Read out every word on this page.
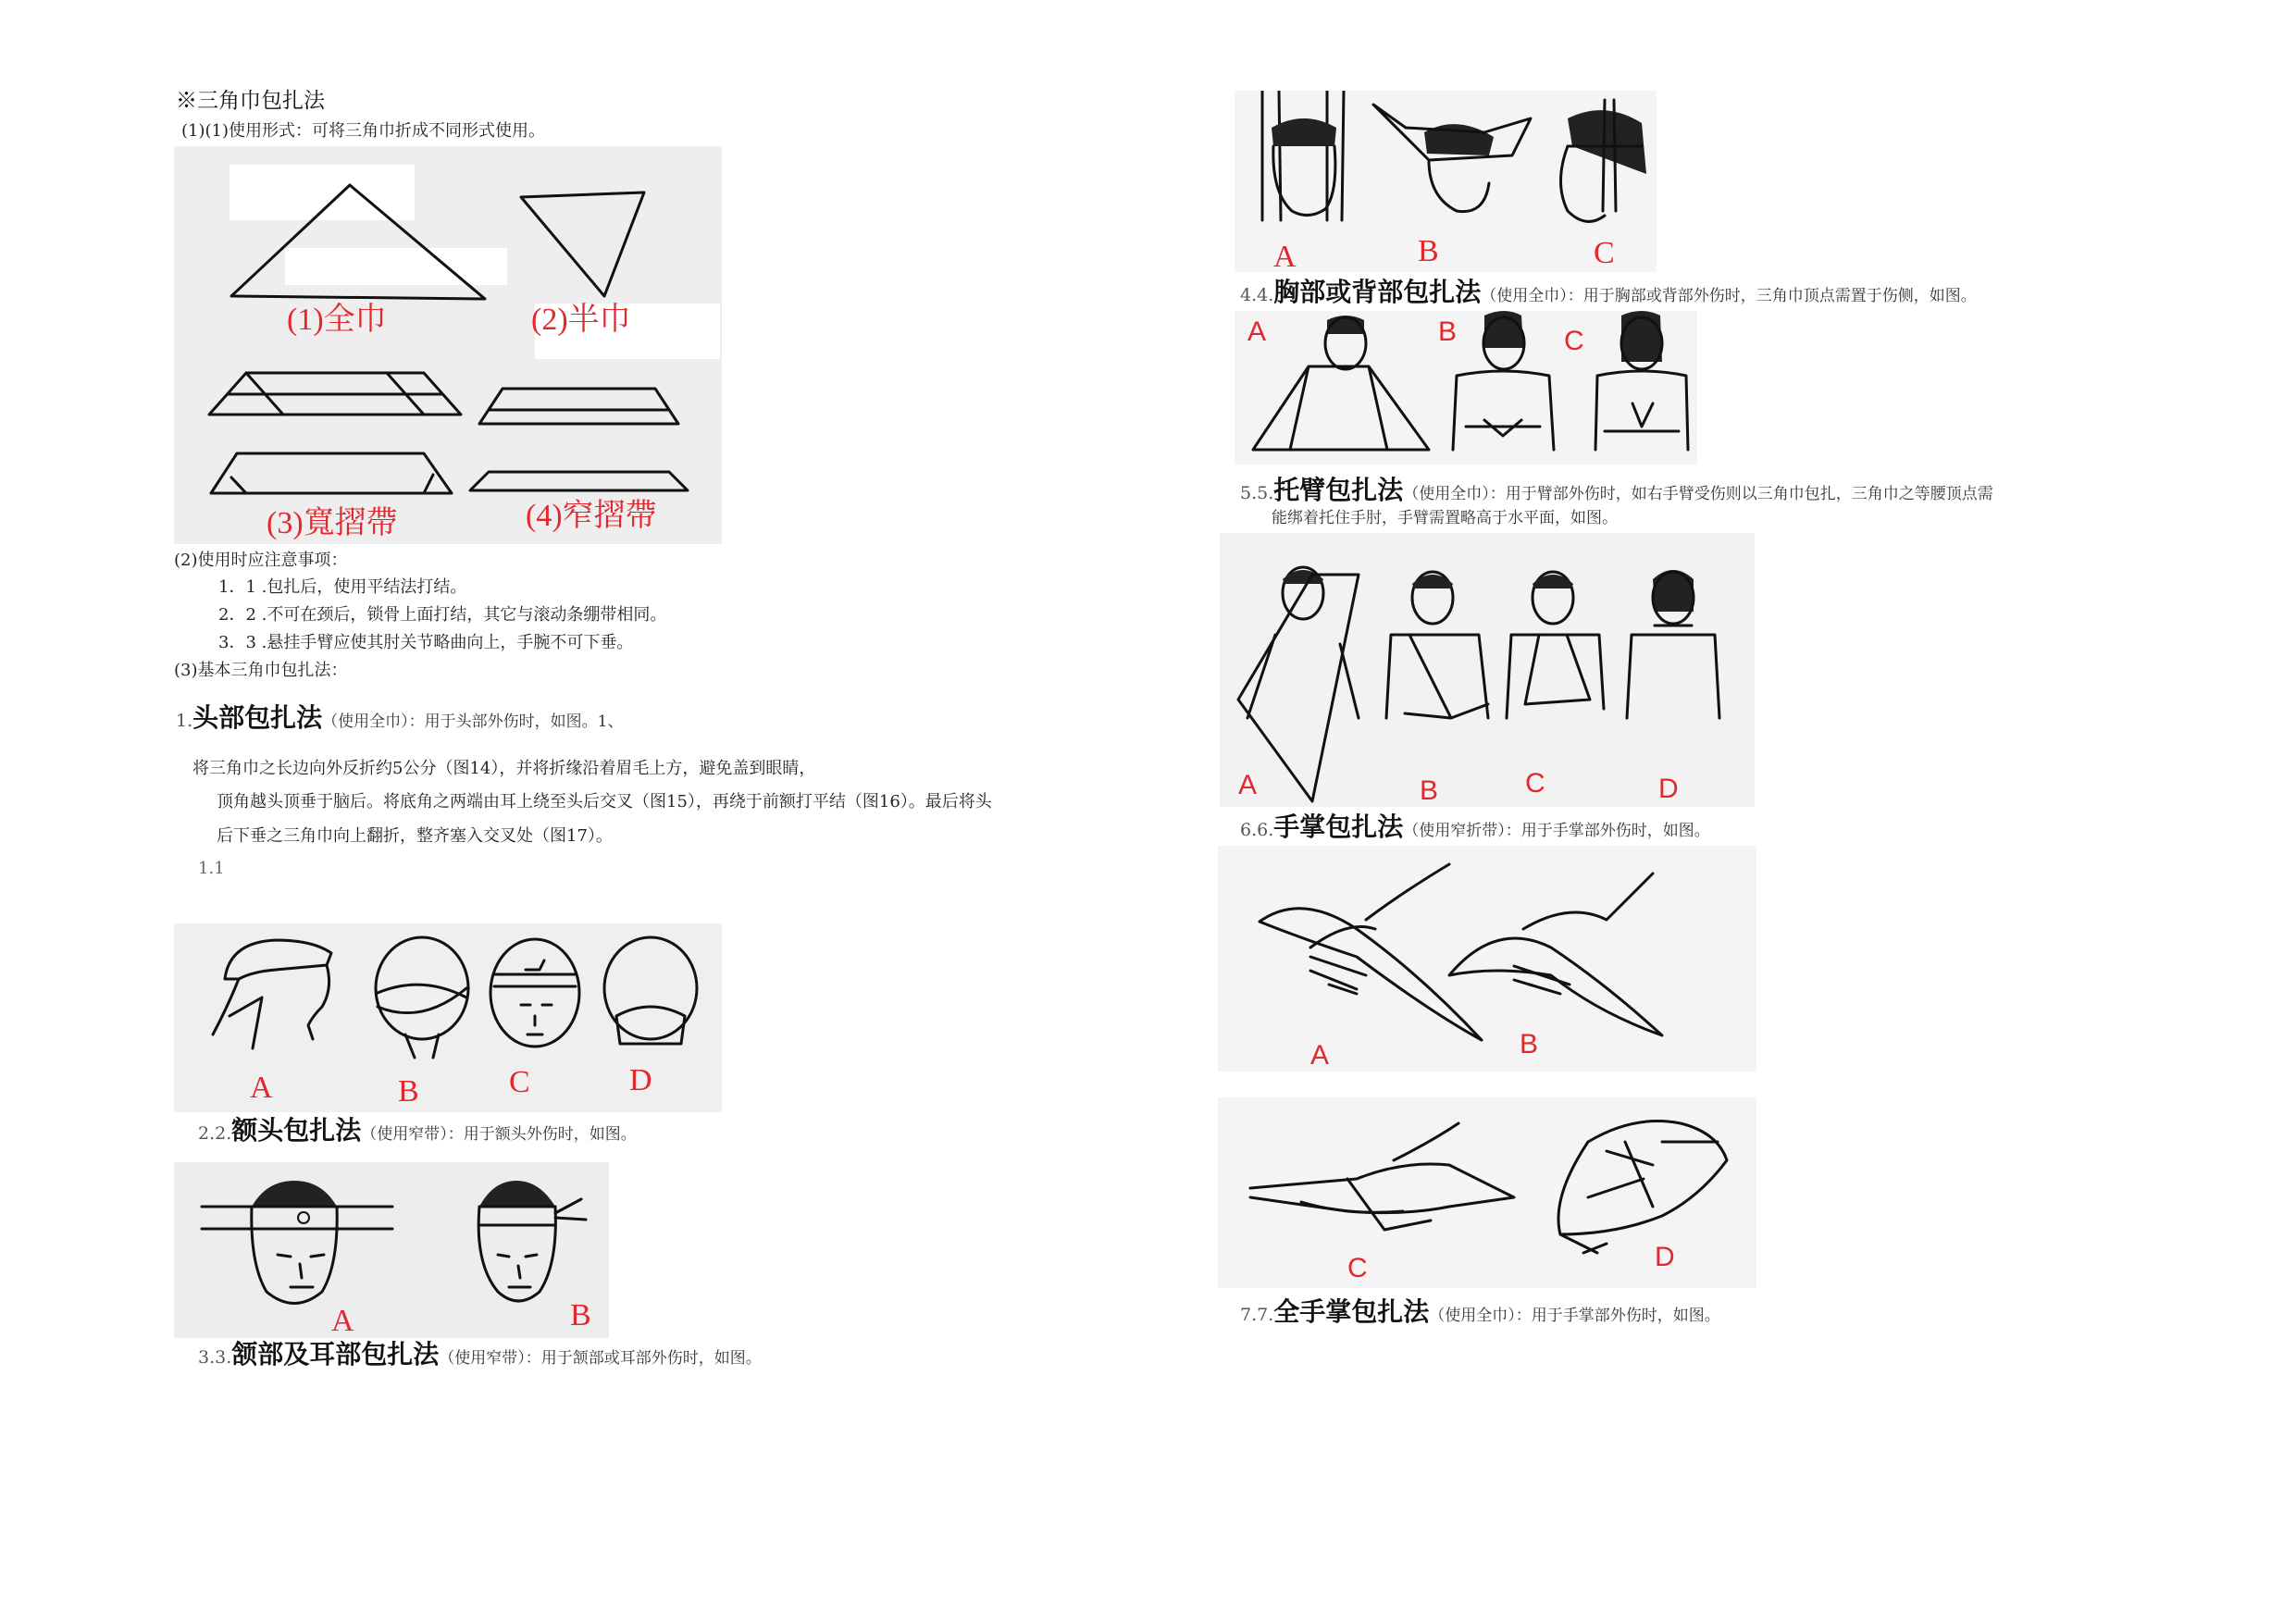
※三角巾包扎法
(1)(1)使用形式：可将三角巾折成不同形式使用。
(1)全巾	(2)半巾
(3)寬摺帶	(4)窄摺帶
(2)使用时应注意事项：
1．1 .包扎后，使用平结法打结。
2．2 .不可在颈后，锁骨上面打结，其它与滚动条绷带相同。
3．3 .悬挂手臂应使其肘关节略曲向上，手腕不可下垂。
(3)基本三角巾包扎法：
1.头部包扎法（使用全巾）：用于头部外伤时，如图。1、
将三角巾之长边向外反折约5公分（图14），并将折缘沿着眉毛上方，避免盖到眼睛，
顶角越头顶垂于脑后。将底角之两端由耳上绕至头后交叉（图15），再绕于前额打平结（图16）。最后将头
后下垂之三角巾向上翻折，整齐塞入交叉处（图17）。
1.1
A	B	C	D
2.2.额头包扎法（使用窄带）：用于额头外伤时，如图。
A	B
3.3.颔部及耳部包扎法（使用窄带）：用于颔部或耳部外伤时，如图。
A	B	C
4.4.胸部或背部包扎法（使用全巾）：用于胸部或背部外伤时，三角巾顶点需置于伤侧，如图。
A	B	C
5.5.托臂包扎法（使用全巾）：用于臂部外伤时，如右手臂受伤则以三角巾包扎，三角巾之等腰顶点需
能绑着托住手肘，手臂需置略高于水平面，如图。
A	B	C	D
6.6.手掌包扎法（使用窄折带）：用于手掌部外伤时，如图。
A	B
C	D
7.7.全手掌包扎法（使用全巾）：用于手掌部外伤时，如图。
